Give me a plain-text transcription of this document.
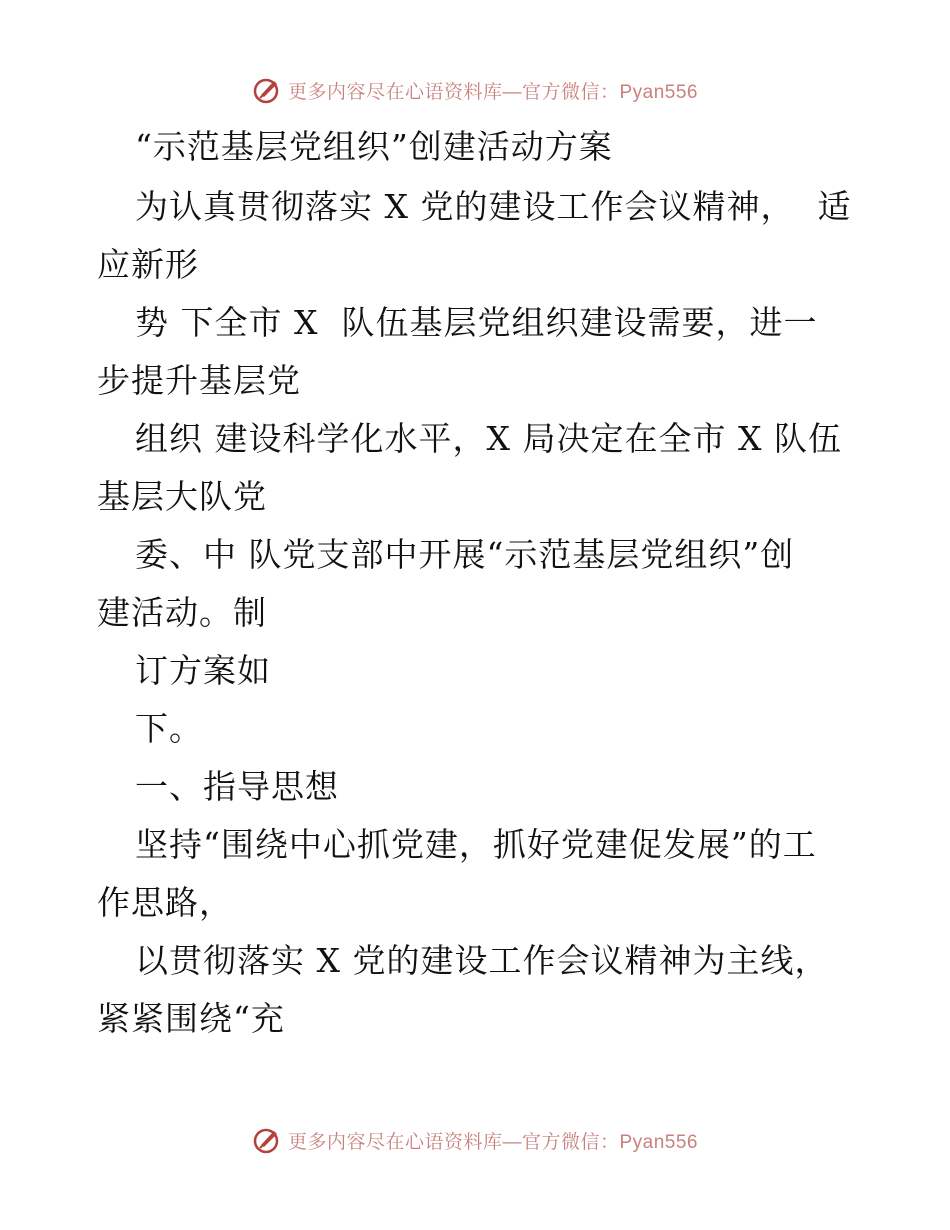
更多内容尽在心语资料库—官方微信：Pyan556
“示范基层党组织”创建活动方案
为认真贯彻落实 X 党的建设工作会议精神，  适
应新形
势 下全市 X  队伍基层党组织建设需要，进一
步提升基层党
组织 建设科学化水平，X 局决定在全市 X 队伍
基层大队党
委、中 队党支部中开展“示范基层党组织”创
建活动。制
订方案如
下。
一、指导思想
坚持“围绕中心抓党建，抓好党建促发展”的工
作思路，
以贯彻落实 X 党的建设工作会议精神为主线，
紧紧围绕“充
更多内容尽在心语资料库—官方微信：Pyan556
